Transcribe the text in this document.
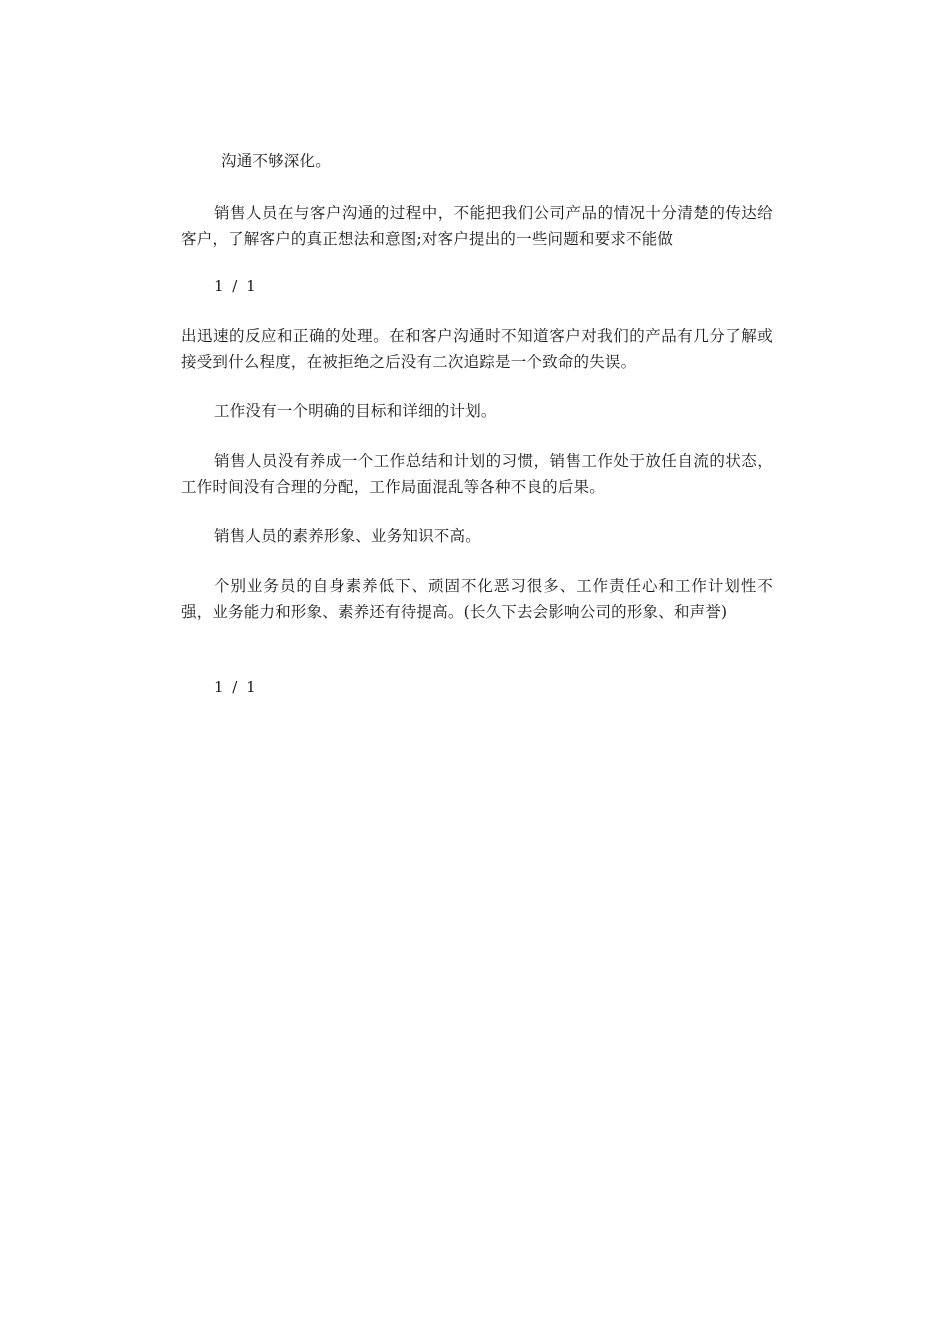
沟通不够深化。
销售人员在与客户沟通的过程中，不能把我们公司产品的情况十分清楚的传达给客户，了解客户的真正想法和意图;对客户提出的一些问题和要求不能做
1 / 1
出迅速的反应和正确的处理。在和客户沟通时不知道客户对我们的产品有几分了解或接受到什么程度，在被拒绝之后没有二次追踪是一个致命的失误。
工作没有一个明确的目标和详细的计划。
销售人员没有养成一个工作总结和计划的习惯，销售工作处于放任自流的状态，工作时间没有合理的分配，工作局面混乱等各种不良的后果。
销售人员的素养形象、业务知识不高。
个别业务员的自身素养低下、顽固不化恶习很多、工作责任心和工作计划性不强，业务能力和形象、素养还有待提高。(长久下去会影响公司的形象、和声誉)
1 / 1
